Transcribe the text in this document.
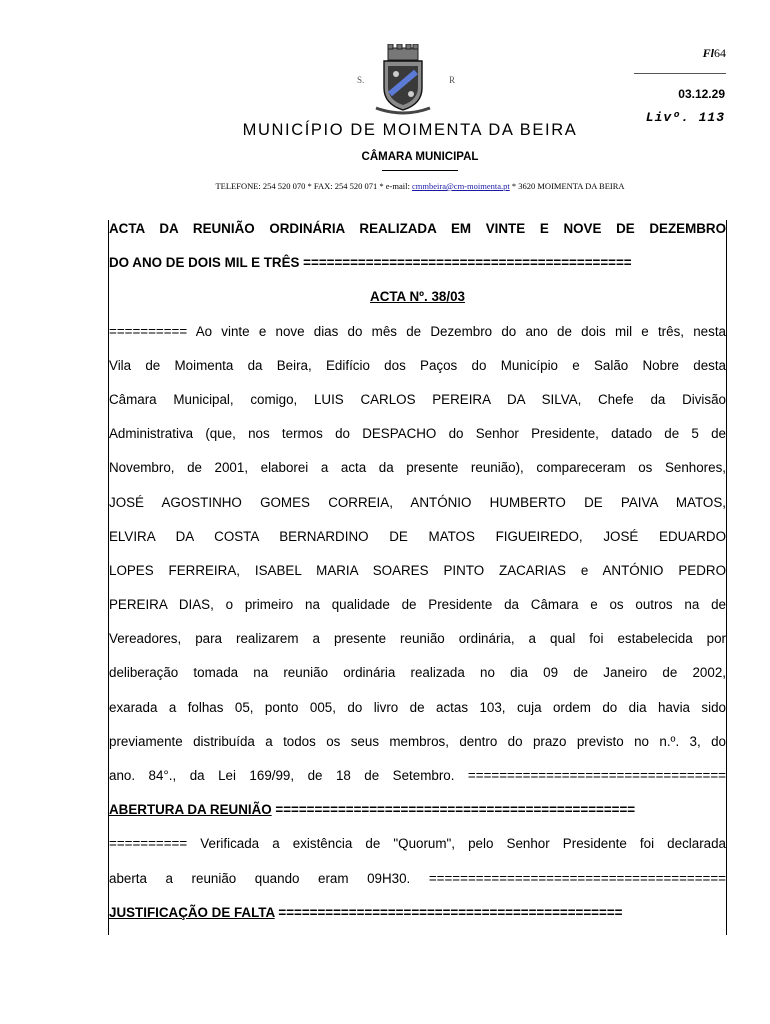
S.	R
Fl64
03.12.29
Livº. 113
MUNICÍPIO DE MOIMENTA DA BEIRA
CÂMARA MUNICIPAL
TELEFONE: 254 520 070 * FAX: 254 520 071 * e-mail: cmmbeira@cm-moimenta.pt * 3620 MOIMENTA DA BEIRA
ACTA DA REUNIÃO ORDINÁRIA REALIZADA EM VINTE E NOVE DE DEZEMBRO
DO ANO DE DOIS MIL E TRÊS ==========================================
ACTA Nº. 38/03
========== Ao vinte e nove dias do mês de Dezembro do ano de dois mil e três, nesta
Vila de Moimenta da Beira, Edifício dos Paços do Município e Salão Nobre desta
Câmara Municipal, comigo, LUIS CARLOS PEREIRA DA SILVA, Chefe da Divisão
Administrativa (que, nos termos do DESPACHO do Senhor Presidente, datado de 5 de
Novembro, de 2001, elaborei a acta da presente reunião), compareceram os Senhores,
JOSÉ AGOSTINHO GOMES CORREIA, ANTÓNIO HUMBERTO DE PAIVA MATOS,
ELVIRA DA COSTA BERNARDINO DE MATOS FIGUEIREDO, JOSÉ EDUARDO
LOPES FERREIRA, ISABEL MARIA SOARES PINTO ZACARIAS e ANTÓNIO PEDRO
PEREIRA DIAS, o primeiro na qualidade de Presidente da Câmara e os outros na de
Vereadores, para realizarem a presente reunião ordinária, a qual foi estabelecida por
deliberação tomada na reunião ordinária realizada no dia 09 de Janeiro de 2002,
exarada a folhas 05, ponto 005, do livro de actas 103, cuja ordem do dia havia sido
previamente distribuída a todos os seus membros, dentro do prazo previsto no n.º. 3, do
ano. 84°., da Lei 169/99, de 18 de Setembro. =================================
ABERTURA DA REUNIÃO ==============================================
========== Verificada a existência de "Quorum", pelo Senhor Presidente foi declarada
aberta a reunião quando eram 09H30. ======================================
JUSTIFICAÇÃO DE FALTA ============================================
